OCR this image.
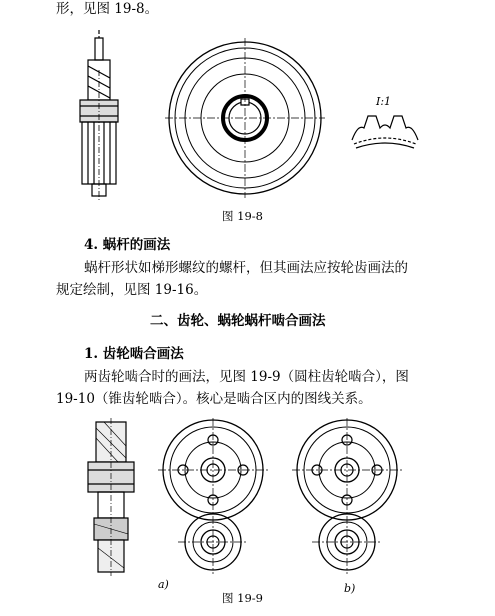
形，见图 19-8。
I:1
图 19-8
4. 蜗杆的画法
蜗杆形状如梯形螺纹的螺杆，但其画法应按轮齿画法的
规定绘制，见图 19-16。
二、齿轮、蜗轮蜗杆啮合画法
1. 齿轮啮合画法
两齿轮啮合时的画法，见图 19-9（圆柱齿轮啮合），图
19-10（锥齿轮啮合）。核心是啮合区内的图线关系。
a)	b)
图 19-9
